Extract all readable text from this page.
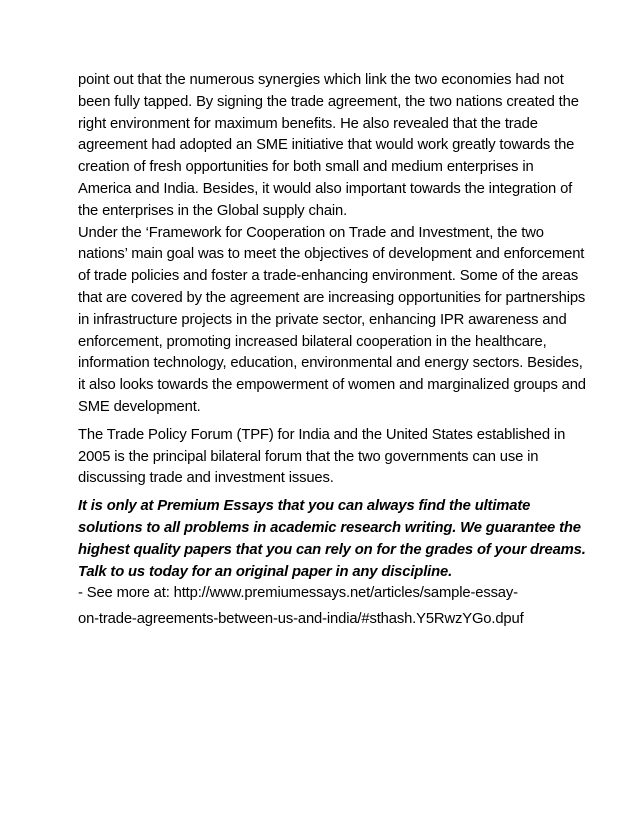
point out that the numerous synergies which link the two economies had not been fully tapped. By signing the trade agreement, the two nations created the right environment for maximum benefits. He also revealed that the trade agreement had adopted an SME initiative that would work greatly towards the creation of fresh opportunities for both small and medium enterprises in America and India. Besides, it would also important towards the integration of the enterprises in the Global supply chain.

Under the ‘Framework for Cooperation on Trade and Investment, the two nations’ main goal was to meet the objectives of development and enforcement of trade policies and foster a trade-enhancing environment. Some of the areas that are covered by the agreement are increasing opportunities for partnerships in infrastructure projects in the private sector, enhancing IPR awareness and enforcement, promoting increased bilateral cooperation in the healthcare, information technology, education, environmental and energy sectors. Besides, it also looks towards the empowerment of women and marginalized groups and SME development.

The Trade Policy Forum (TPF) for India and the United States established in 2005 is the principal bilateral forum that the two governments can use in discussing trade and investment issues.

It is only at Premium Essays that you can always find the ultimate solutions to all problems in academic research writing. We guarantee the highest quality papers that you can rely on for the grades of your dreams. Talk to us today for an original paper in any discipline.

- See more at: http://www.premiumessays.net/articles/sample-essay-

on-trade-agreements-between-us-and-india/#sthash.Y5RwzYGo.dpuf
